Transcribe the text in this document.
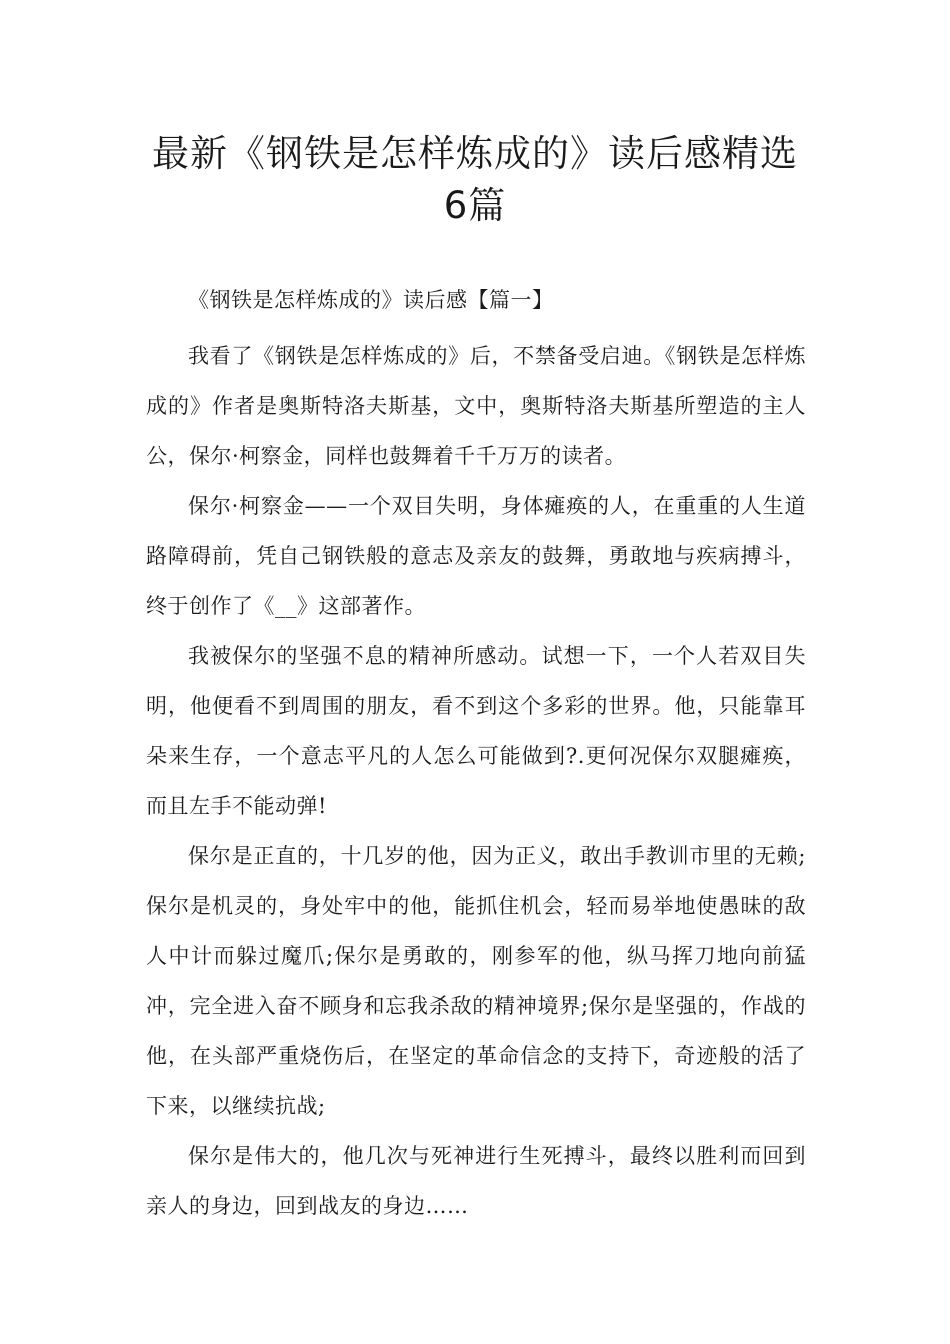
最新《钢铁是怎样炼成的》读后感精选
6篇

《钢铁是怎样炼成的》读后感【篇一】

我看了《钢铁是怎样炼成的》后，不禁备受启迪。《钢铁是怎样炼成的》作者是奥斯特洛夫斯基，文中，奥斯特洛夫斯基所塑造的主人公，保尔·柯察金，同样也鼓舞着千千万万的读者。

保尔·柯察金——一个双目失明，身体瘫痪的人，在重重的人生道路障碍前，凭自己钢铁般的意志及亲友的鼓舞，勇敢地与疾病搏斗，终于创作了《__》这部著作。

我被保尔的坚强不息的精神所感动。试想一下，一个人若双目失明，他便看不到周围的朋友，看不到这个多彩的世界。他，只能靠耳朵来生存，一个意志平凡的人怎么可能做到?.更何况保尔双腿瘫痪，而且左手不能动弹!

保尔是正直的，十几岁的他，因为正义，敢出手教训市里的无赖;保尔是机灵的，身处牢中的他，能抓住机会，轻而易举地使愚昧的敌人中计而躲过魔爪;保尔是勇敢的，刚参军的他，纵马挥刀地向前猛冲，完全进入奋不顾身和忘我杀敌的精神境界;保尔是坚强的，作战的他，在头部严重烧伤后，在坚定的革命信念的支持下，奇迹般的活了下来，以继续抗战;

保尔是伟大的，他几次与死神进行生死搏斗，最终以胜利而回到亲人的身边，回到战友的身边……
